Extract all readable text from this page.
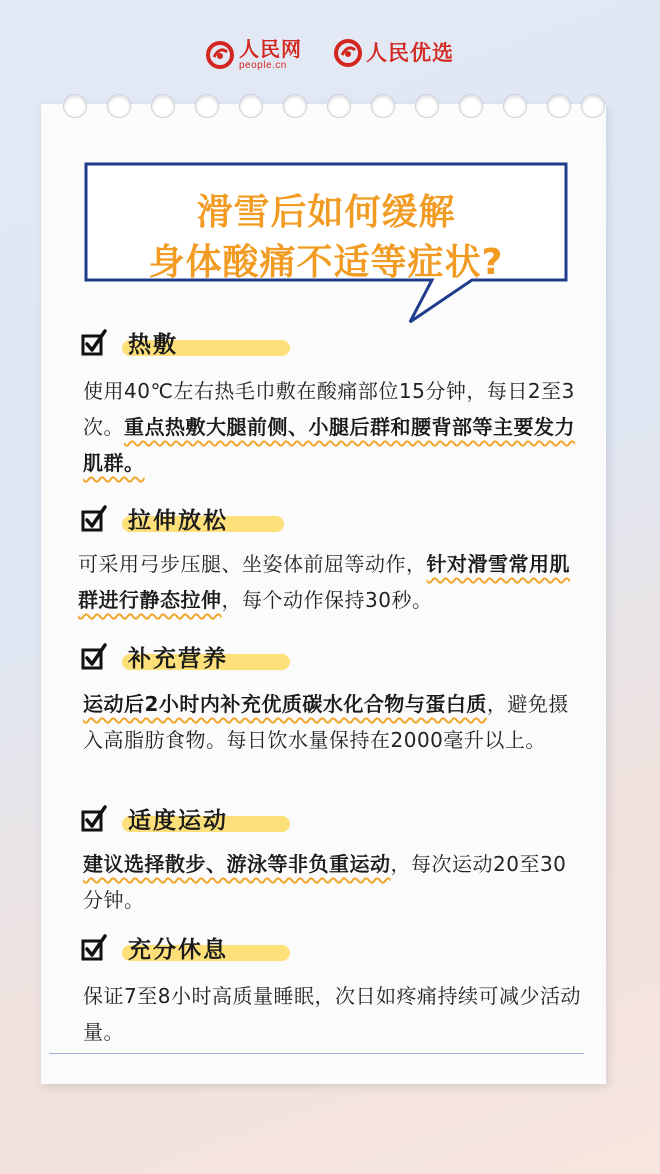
人民网
people.cn
人民优选
滑雪后如何缓解
身体酸痛不适等症状?
热敷
使用40℃左右热毛巾敷在酸痛部位15分钟，每日2至3次。重点热敷大腿前侧、小腿后群和腰背部等主要发力肌群。
拉伸放松
可采用弓步压腿、坐姿体前屈等动作，针对滑雪常用肌群进行静态拉伸，每个动作保持30秒。
补充营养
运动后2小时内补充优质碳水化合物与蛋白质，避免摄入高脂肪食物。每日饮水量保持在2000毫升以上。
适度运动
建议选择散步、游泳等非负重运动，每次运动20至30分钟。
充分休息
保证7至8小时高质量睡眠，次日如疼痛持续可减少活动量。
